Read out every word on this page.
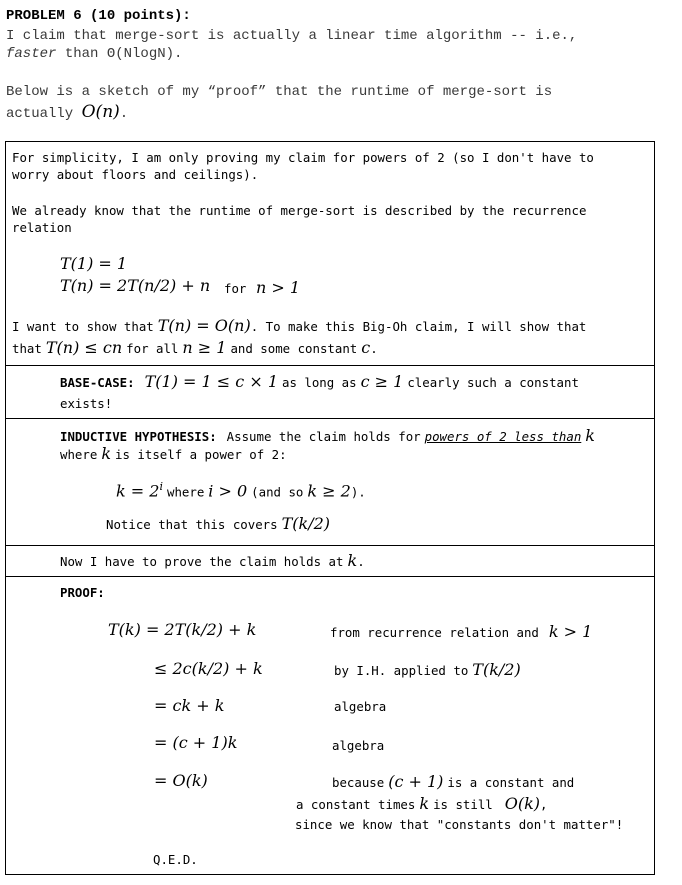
PROBLEM 6 (10 points):
I claim that merge-sort is actually a linear time algorithm -- i.e.,
faster than Θ(NlogN).
Below is a sketch of my “proof” that the runtime of merge-sort is
actually O(n).
For simplicity, I am only proving my claim for powers of 2 (so I don't have to
worry about floors and ceilings).
We already know that the runtime of merge-sort is described by the recurrence
relation
T(1) = 1
T(n) = 2T(n/2) + n for n > 1
I want to show that T(n) = O(n). To make this Big-Oh claim, I will show that
that T(n) ≤ cn for all n ≥ 1 and some constant c.
BASE-CASE: T(1) = 1 ≤ c × 1 as long as c ≥ 1 clearly such a constant
exists!
INDUCTIVE HYPOTHESIS: Assume the claim holds for powers of 2 less than k
where k is itself a power of 2:
$k = 2^i$ where i > 0 (and so k ≥ 2).
Notice that this covers T(k/2)
Now I have to prove the claim holds at k.
PROOF:
T(k) = 2T(k/2) + k	from recurrence relation and k > 1
≤ 2c(k/2) + k	by I.H. applied to T(k/2)
= ck + k	algebra
= (c + 1)k	algebra
= O(k)	because (c + 1) is a constant and
a constant times k is still O(k),
since we know that "constants don't matter"!
Q.E.D.
